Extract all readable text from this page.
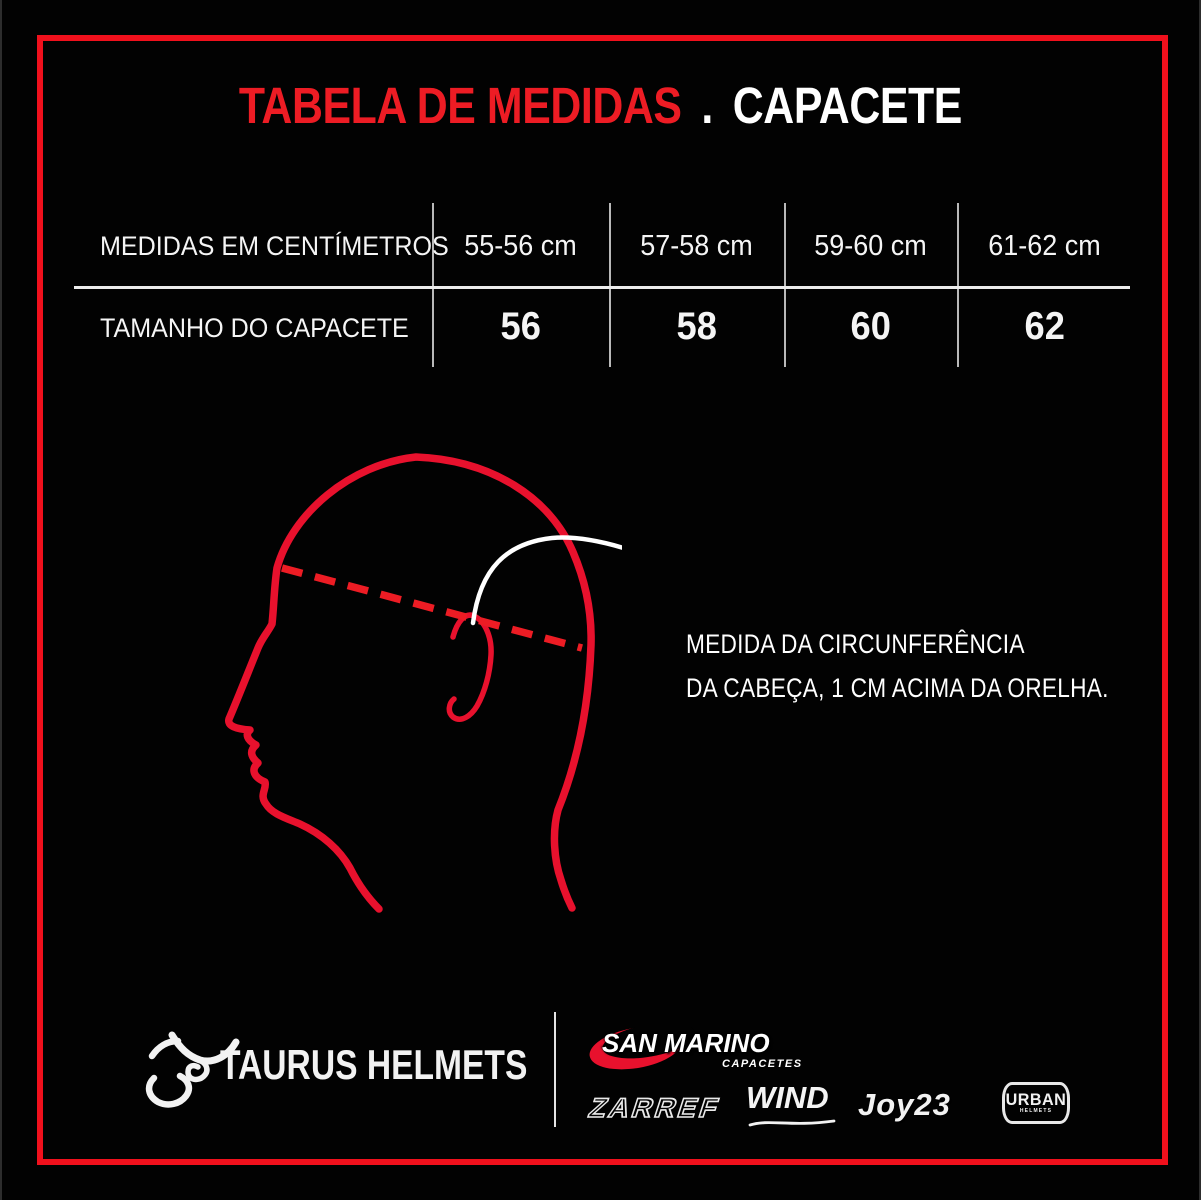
TABELA DE MEDIDAS . CAPACETE
MEDIDAS EM CENTÍMETROS 55-56 cm	57-58 cm	59-60 cm	61-62 cm
TAMANHO DO CAPACETE	56	58	60	62
MEDIDA DA CIRCUNFERÊNCIA
DA CABEÇA, 1 CM ACIMA DA ORELHA.
TAURUS HELMETS	SAN MARINO
CAPACETES
ZARREF WIND Joy23	URBAN
HELMETS
